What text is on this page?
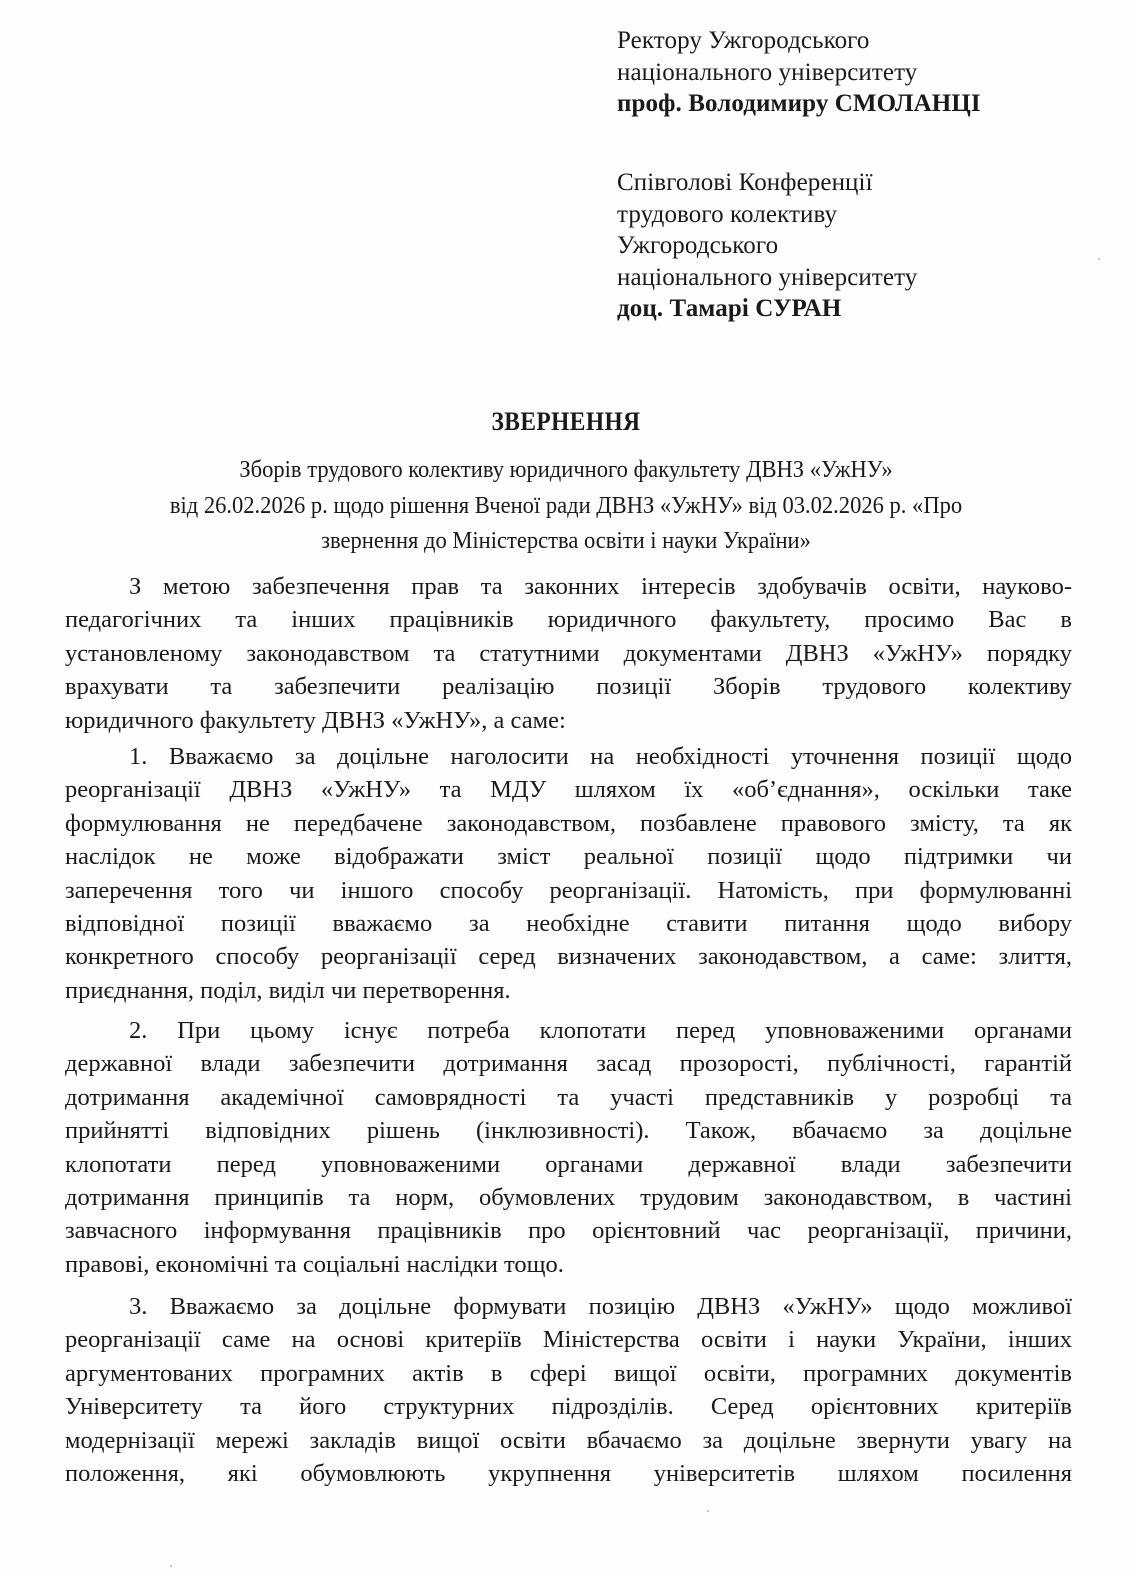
Ректору Ужгородського
національного університету
проф. Володимиру СМОЛАНЦІ
Співголові Конференції
трудового колективу
Ужгородського
національного університету
доц. Тамарі СУРАН
ЗВЕРНЕННЯ
Зборів трудового колективу юридичного факультету ДВНЗ «УжНУ»
від 26.02.2026 р. щодо рішення Вченої ради ДВНЗ «УжНУ» від 03.02.2026 р. «Про
звернення до Міністерства освіти і науки України»
З метою забезпечення прав та законних інтересів здобувачів освіти, науково-
педагогічних та інших працівників юридичного факультету, просимо Вас в
установленому законодавством та статутними документами ДВНЗ «УжНУ» порядку
врахувати та забезпечити реалізацію позиції Зборів трудового колективу
юридичного факультету ДВНЗ «УжНУ», а саме:
1. Вважаємо за доцільне наголосити на необхідності уточнення позиції щодо
реорганізації ДВНЗ «УжНУ» та МДУ шляхом їх «об’єднання», оскільки таке
формулювання не передбачене законодавством, позбавлене правового змісту, та як
наслідок не може відображати зміст реальної позиції щодо підтримки чи
заперечення того чи іншого способу реорганізації. Натомість, при формулюванні
відповідної позиції вважаємо за необхідне ставити питання щодо вибору
конкретного способу реорганізації серед визначених законодавством, а саме: злиття,
приєднання, поділ, виділ чи перетворення.
2. При цьому існує потреба клопотати перед уповноваженими органами
державної влади забезпечити дотримання засад прозорості, публічності, гарантій
дотримання академічної самоврядності та участі представників у розробці та
прийнятті відповідних рішень (інклюзивності). Також, вбачаємо за доцільне
клопотати перед уповноваженими органами державної влади забезпечити
дотримання принципів та норм, обумовлених трудовим законодавством, в частині
завчасного інформування працівників про орієнтовний час реорганізації, причини,
правові, економічні та соціальні наслідки тощо.
3. Вважаємо за доцільне формувати позицію ДВНЗ «УжНУ» щодо можливої
реорганізації саме на основі критеріїв Міністерства освіти і науки України, інших
аргументованих програмних актів в сфері вищої освіти, програмних документів
Університету та його структурних підрозділів. Серед орієнтовних критеріїв
модернізації мережі закладів вищої освіти вбачаємо за доцільне звернути увагу на
положення, які обумовлюють укрупнення університетів шляхом посилення
